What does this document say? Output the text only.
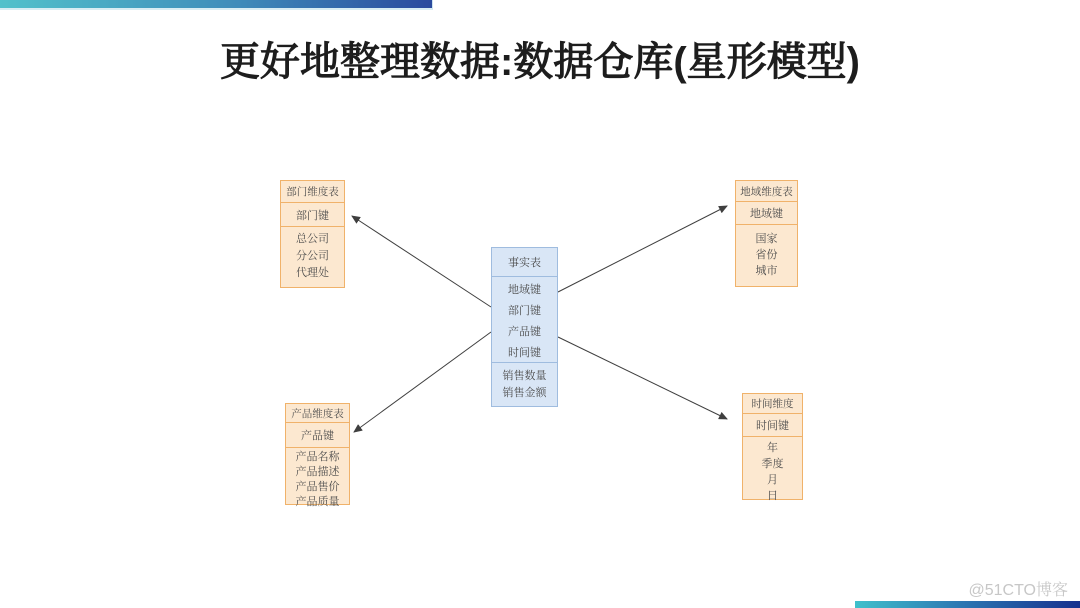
更好地整理数据:数据仓库(星形模型)
事实表
地域键
部门键
产品键
时间键
销售数量
销售金额
部门维度表
部门键
总公司
分公司
代理处
地域维度表
地域键
国家
省份
城市
产品维度表
产品键
产品名称
产品描述
产品售价
产品质量
时间维度
时间键
年
季度
月
日
@51CTO博客
